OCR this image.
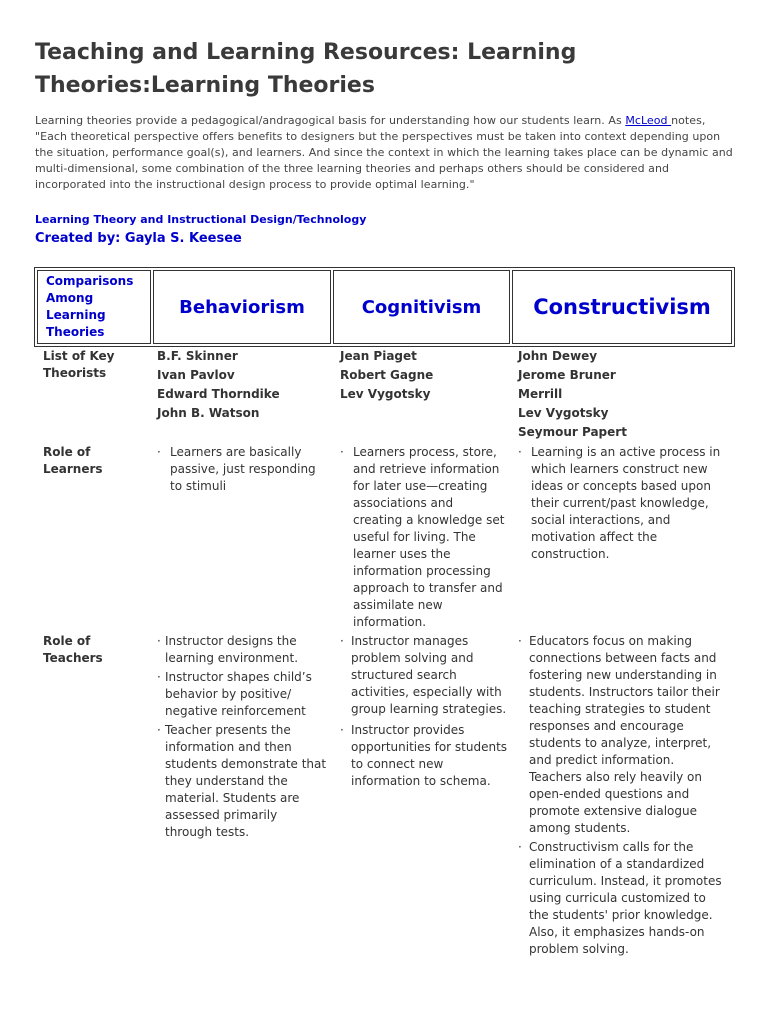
Teaching and Learning Resources: Learning Theories:Learning Theories

Learning theories provide a pedagogical/andragogical basis for understanding how our students learn. As McLeod notes, "Each theoretical perspective offers benefits to designers but the perspectives must be taken into context depending upon the situation, performance goal(s), and learners. And since the context in which the learning takes place can be dynamic and multi-dimensional, some combination of the three learning theories and perhaps others should be considered and incorporated into the instructional design process to provide optimal learning."

Learning Theory and Instructional Design/Technology

Created by: Gayla S. Keesee

Comparisons Among Learning Theories
Behaviorism	Cognitivism	Constructivism
List of Key Theorists
B.F. Skinner
Ivan Pavlov
Edward Thorndike
John B. Watson
Jean Piaget
Robert Gagne
Lev Vygotsky
John Dewey
Jerome Bruner
Merrill
Lev Vygotsky
Seymour Papert
Role of Learners
· Learners are basically passive, just responding to stimuli
· Learners process, store, and retrieve information for later use—creating associations and creating a knowledge set useful for living. The learner uses the information processing approach to transfer and assimilate new information.
· Learning is an active process in which learners construct new ideas or concepts based upon their current/past knowledge, social interactions, and motivation affect the construction.
Role of Teachers
· Instructor designs the learning environment.
· Instructor shapes child’s behavior by positive/ negative reinforcement
· Teacher presents the information and then students demonstrate that they understand the material. Students are assessed primarily through tests.
· Instructor manages problem solving and structured search activities, especially with group learning strategies.
· Instructor provides opportunities for students to connect new information to schema.
· Educators focus on making connections between facts and fostering new understanding in students. Instructors tailor their teaching strategies to student responses and encourage students to analyze, interpret, and predict information. Teachers also rely heavily on open-ended questions and promote extensive dialogue among students.
· Constructivism calls for the elimination of a standardized curriculum. Instead, it promotes using curricula customized to the students' prior knowledge. Also, it emphasizes hands-on problem solving.
